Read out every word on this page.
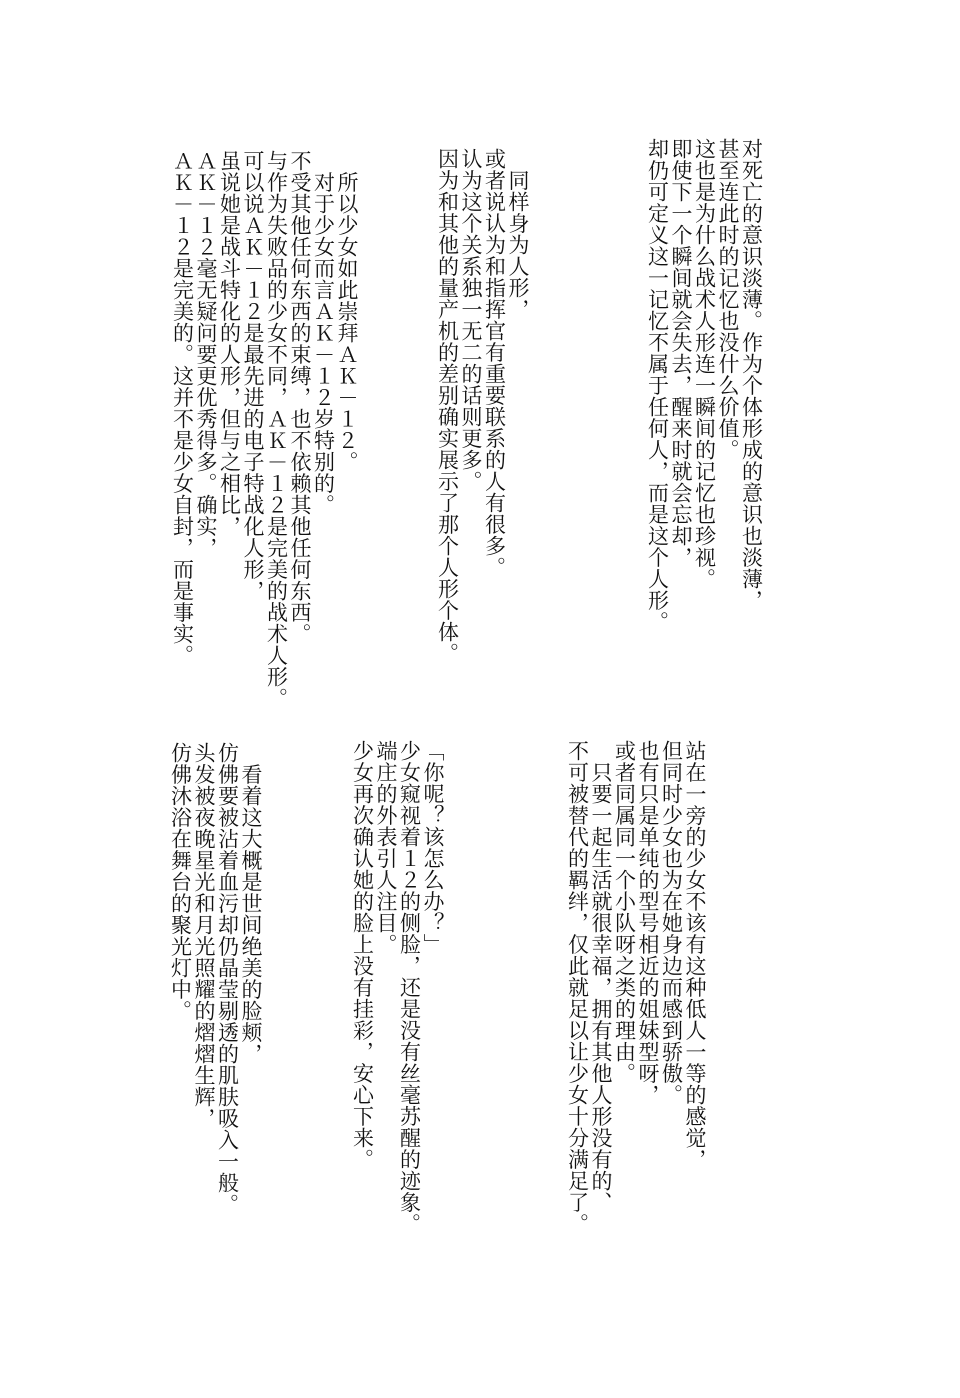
对死亡的意识淡薄。作为个体形成的意识也淡薄，

甚至连此时的记忆也没什么价值。

这也是为什么战术人形连一瞬间的记忆也珍视。

即使下一个瞬间就会失去，醒来时就会忘却，

却仍可定义这一记忆不属于任何人，而是这个人形。

　同样身为人形，

或者说认为和指挥官有重要联系的人有很多。

认为这个关系独一无二的话则更多。

因为和其他的量产机的差别确实展示了那个人形个体。

　所以少女如此崇拜ＡＫ－１２。

　对于少女而言ＡＫ－１２岁特别的。

不受其他任何东西的束缚，也不依赖其他任何东西。

与作为失败品的少女不同，ＡＫ－１２是完美的战术人形。

可以说ＡＫ－１２是最先进的电子特战化人形，

虽说她是战斗特化的人形，但与之相比，

ＡＫ－１２毫无疑问要更优秀得多。确实，

ＡＫ－１２是完美的。这并不是少女自封，而是事实。

站在一旁的少女不该有这种低人一等的感觉，

但同时少女也为在她身边而感到骄傲。

也有只是单纯的型号相近的姐妹型呀，

或者同属同一个小队呀之类的理由。

　只要一起生活就很幸福，拥有其他人形没有的、

不可被替代的羁绊，仅此就足以让少女十分满足了。

「你呢？该怎么办？」

少女窥视着１２的侧脸，还是没有丝毫苏醒的迹象。

端庄的外表引人注目。

少女再次确认她的脸上没有挂彩，安心下来。

　看着这大概是世间绝美的脸颊，

仿佛要被沾着血污却仍晶莹剔透的肌肤吸入一般。

头发被夜晚星光和月光照耀的熠熠生辉，

仿佛沐浴在舞台的聚光灯中。
